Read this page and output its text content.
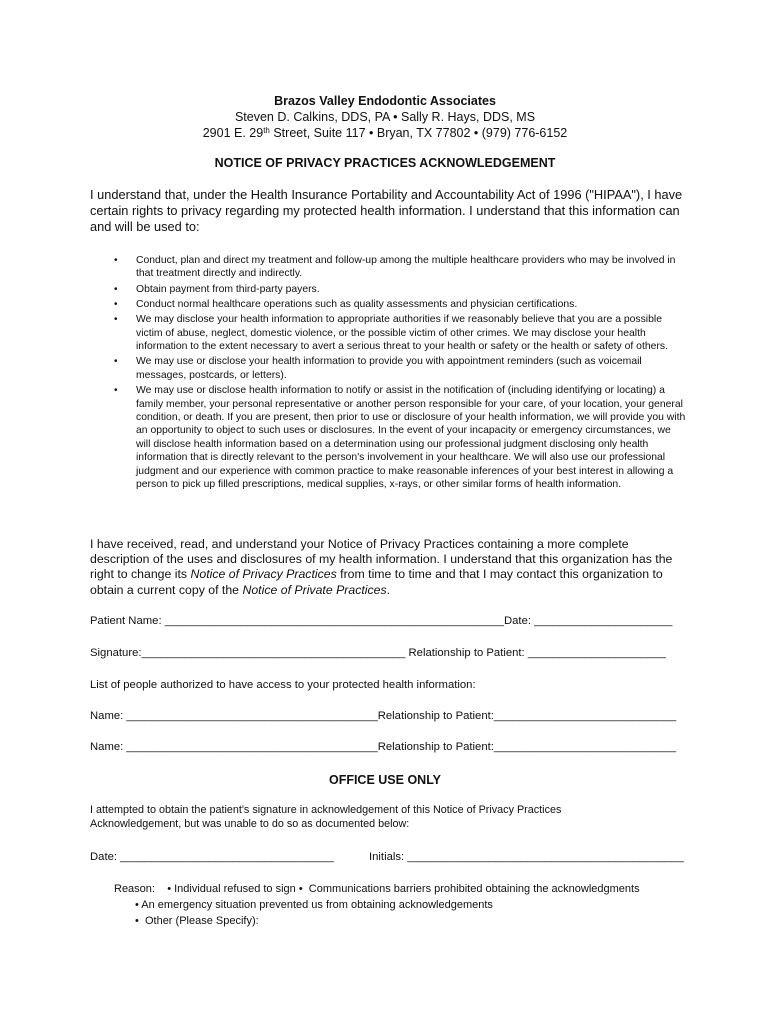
Brazos Valley Endodontic Associates
Steven D. Calkins, DDS, PA • Sally R. Hays, DDS, MS
2901 E. 29th Street, Suite 117 • Bryan, TX 77802 • (979) 776-6152
NOTICE OF PRIVACY PRACTICES ACKNOWLEDGEMENT
I understand that, under the Health Insurance Portability and Accountability Act of 1996 ("HIPAA"), I have certain rights to privacy regarding my protected health information. I understand that this information can and will be used to:
• Conduct, plan and direct my treatment and follow-up among the multiple healthcare providers who may be involved in that treatment directly and indirectly.
• Obtain payment from third-party payers.
• Conduct normal healthcare operations such as quality assessments and physician certifications.
• We may disclose your health information to appropriate authorities if we reasonably believe that you are a possible victim of abuse, neglect, domestic violence, or the possible victim of other crimes. We may disclose your health information to the extent necessary to avert a serious threat to your health or safety or the health or safety of others.
• We may use or disclose your health information to provide you with appointment reminders (such as voicemail messages, postcards, or letters).
• We may use or disclose health information to notify or assist in the notification of (including identifying or locating) a family member, your personal representative or another person responsible for your care, of your location, your general condition, or death. If you are present, then prior to use or disclosure of your health information, we will provide you with an opportunity to object to such uses or disclosures. In the event of your incapacity or emergency circumstances, we will disclose health information based on a determination using our professional judgment disclosing only health information that is directly relevant to the person's involvement in your healthcare. We will also use our professional judgment and our experience with common practice to make reasonable inferences of your best interest in allowing a person to pick up filled prescriptions, medical supplies, x-rays, or other similar forms of health information.
I have received, read, and understand your Notice of Privacy Practices containing a more complete description of the uses and disclosures of my health information. I understand that this organization has the right to change its Notice of Privacy Practices from time to time and that I may contact this organization to obtain a current copy of the Notice of Private Practices.
Patient Name: ______________________________________________________Date: ______________________
Signature:__________________________________________ Relationship to Patient: ______________________
List of people authorized to have access to your protected health information:
Name: ________________________________________Relationship to Patient:_____________________________
Name: ________________________________________Relationship to Patient:_____________________________
OFFICE USE ONLY
I attempted to obtain the patient's signature in acknowledgement of this Notice of Privacy Practices Acknowledgement, but was unable to do so as documented below:
Date: __________________________________	Initials: ____________________________________________
Reason:    • Individual refused to sign •  Communications barriers prohibited obtaining the acknowledgments
• An emergency situation prevented us from obtaining acknowledgements
•  Other (Please Specify):
